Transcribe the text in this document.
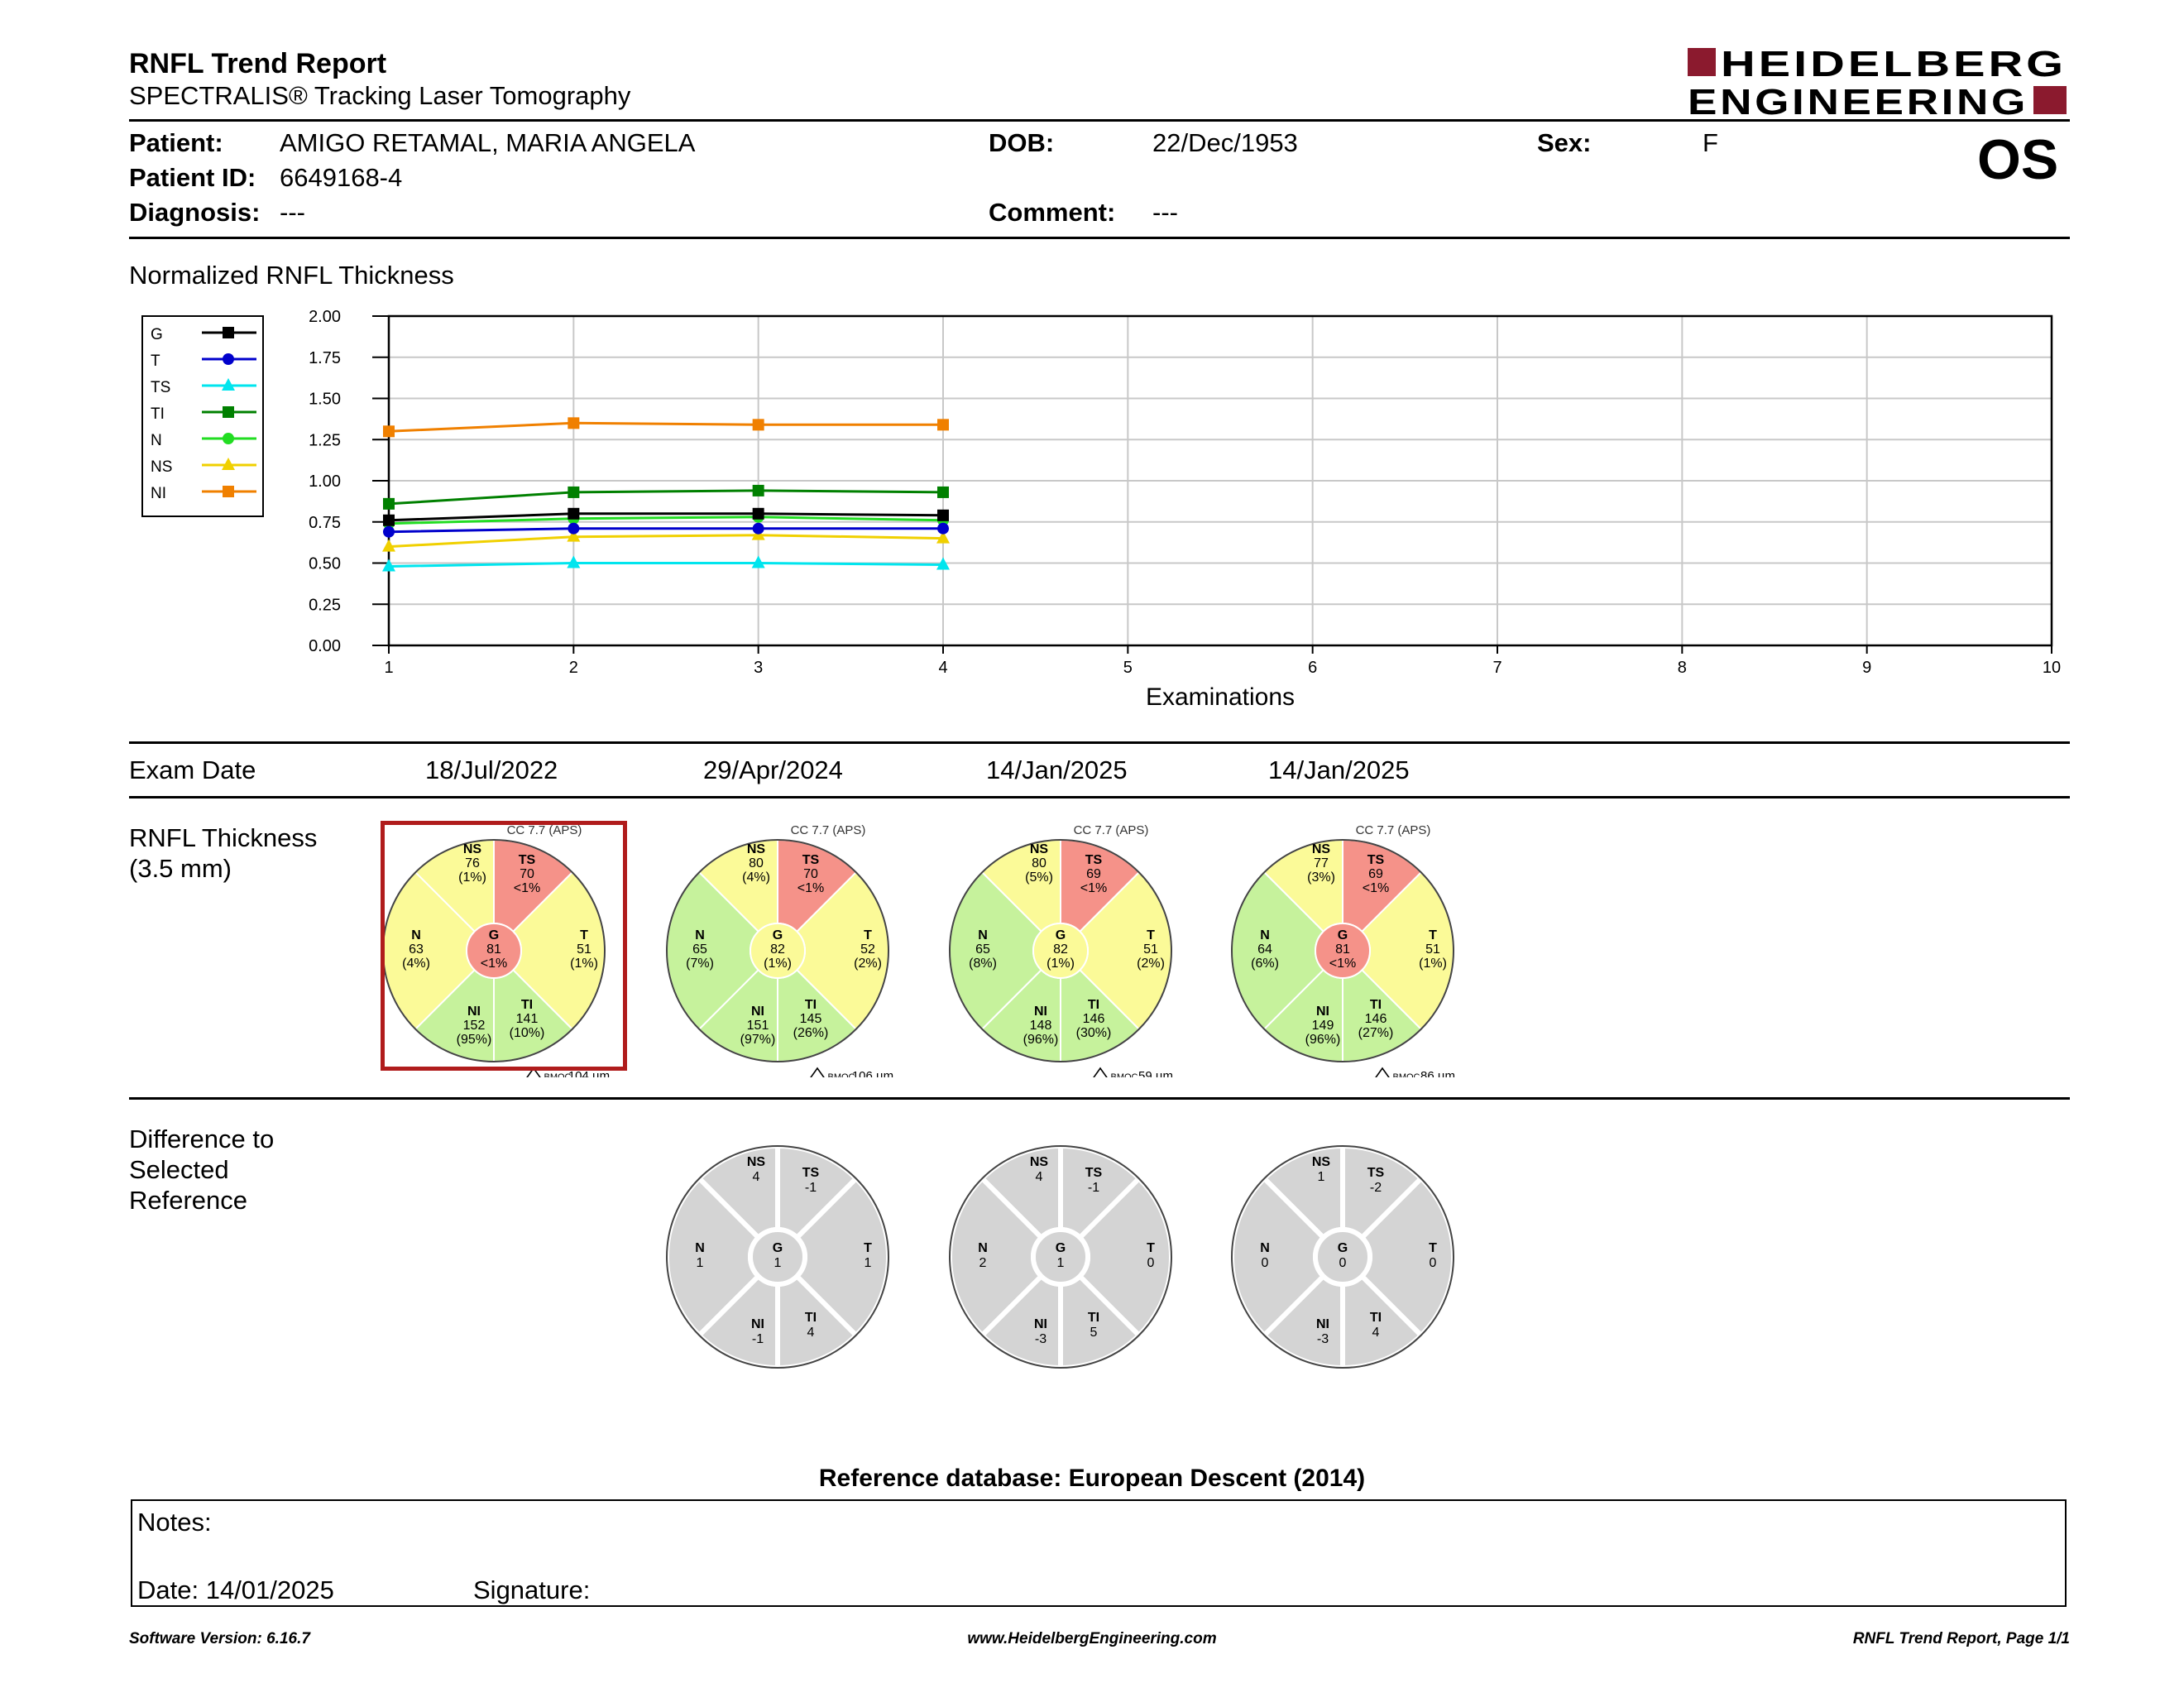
RNFL Trend Report
SPECTRALIS® Tracking Laser Tomography
HEIDELBERG
ENGINEERING
Patient: AMIGO RETAMAL, MARIA ANGELA
Patient ID: 6649168-4
Diagnosis: ---
DOB:	22/Dec/1953
Comment: ---
Sex:	F	OS
Normalized RNFL Thickness
0.00
0.25
0.50
0.75
1.00
1.25
1.50
1.75
2.00
1	2	3	4	5	6	7	8	9	10
Examinations
G
T
TS
TI
N
NS
NI
Exam Date	18/Jul/2022	29/Apr/2024	14/Jan/2025	14/Jan/2025
RNFL Thickness
(3.5 mm)
CC 7.7 (APS)
T
51
(1%)
TS
70
<1%
NS
76
(1%)
N
63
(4%)
NI
152
(95%)
TI
141
(10%)
G
81
<1%
BMOC
104 µm
CC 7.7 (APS)
T
52
(2%)
TS
70
<1%
NS
80
(4%)
N
65
(7%)
NI
151
(97%)
TI
145
(26%)
G
82
(1%)
BMOC
106 µm
CC 7.7 (APS)
T
51
(2%)
TS
69
<1%
NS
80
(5%)
N
65
(8%)
NI
148
(96%)
TI
146
(30%)
G
82
(1%)
BMOC 59 µm
CC 7.7 (APS)
T
51
(1%)
TS
69
<1%
NS
77
(3%)
N
64
(6%)
NI
149
(96%)
TI
146
(27%)
G
81
<1%
BMOC 86 µm
Difference to
Selected
Reference
T
1
TS
-1
NS
4
N
1
NI
-1
TI
4
G
1
T
0
TS
-1
NS
4
N
2
NI
-3
TI
5
G
1
T
0
TS
-2
NS
1
N
0
NI
-3
TI
4
G
0
Reference database: European Descent (2014)
Notes:
Date: 14/01/2025	Signature:
Software Version: 6.16.7	www.HeidelbergEngineering.com	RNFL Trend Report, Page 1/1
